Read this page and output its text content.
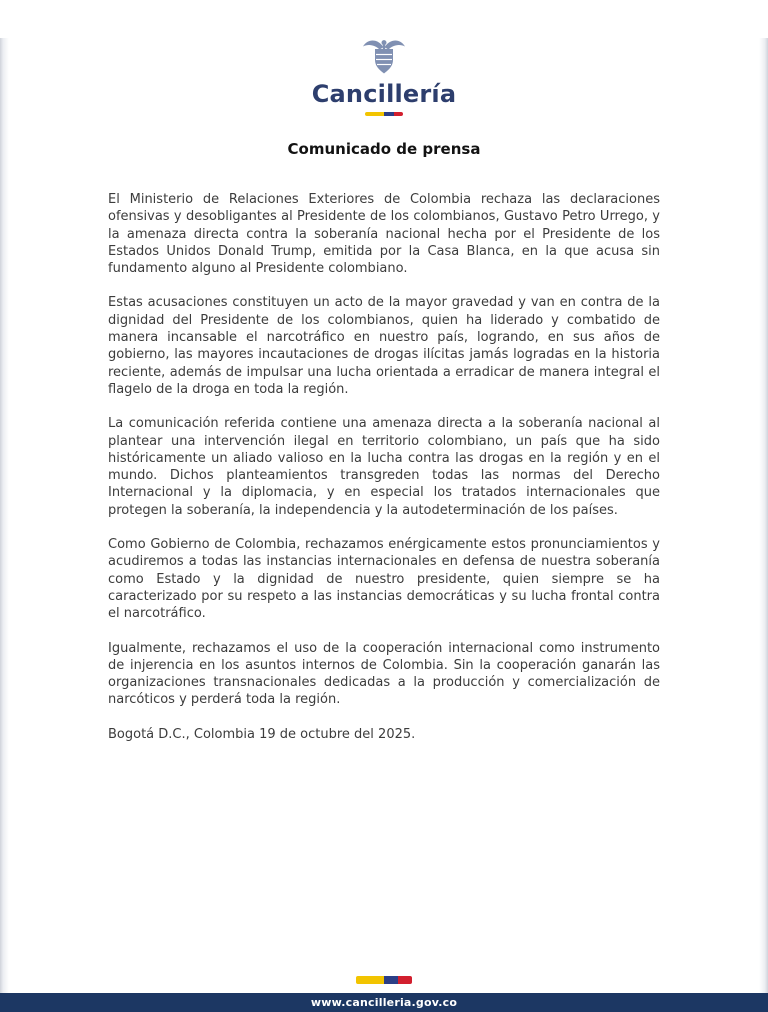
Cancillería
Comunicado de prensa

El Ministerio de Relaciones Exteriores de Colombia rechaza las declaraciones ofensivas y desobligantes al Presidente de los colombianos, Gustavo Petro Urrego, y la amenaza directa contra la soberanía nacional hecha por el Presidente de los Estados Unidos Donald Trump, emitida por la Casa Blanca, en la que acusa sin fundamento alguno al Presidente colombiano.

Estas acusaciones constituyen un acto de la mayor gravedad y van en contra de la dignidad del Presidente de los colombianos, quien ha liderado y combatido de manera incansable el narcotráfico en nuestro país, logrando, en sus años de gobierno, las mayores incautaciones de drogas ilícitas jamás logradas en la historia reciente, además de impulsar una lucha orientada a erradicar de manera integral el flagelo de la droga en toda la región.

La comunicación referida contiene una amenaza directa a la soberanía nacional al plantear una intervención ilegal en territorio colombiano, un país que ha sido históricamente un aliado valioso en la lucha contra las drogas en la región y en el mundo. Dichos planteamientos transgreden todas las normas del Derecho Internacional y la diplomacia, y en especial los tratados internacionales que protegen la soberanía, la independencia y la autodeterminación de los países.

Como Gobierno de Colombia, rechazamos enérgicamente estos pronunciamientos y acudiremos a todas las instancias internacionales en defensa de nuestra soberanía como Estado y la dignidad de nuestro presidente, quien siempre se ha caracterizado por su respeto a las instancias democráticas y su lucha frontal contra el narcotráfico.

Igualmente, rechazamos el uso de la cooperación internacional como instrumento de injerencia en los asuntos internos de Colombia. Sin la cooperación ganarán las organizaciones transnacionales dedicadas a la producción y comercialización de narcóticos y perderá toda la región.

Bogotá D.C., Colombia 19 de octubre del 2025.

www.cancilleria.gov.co
